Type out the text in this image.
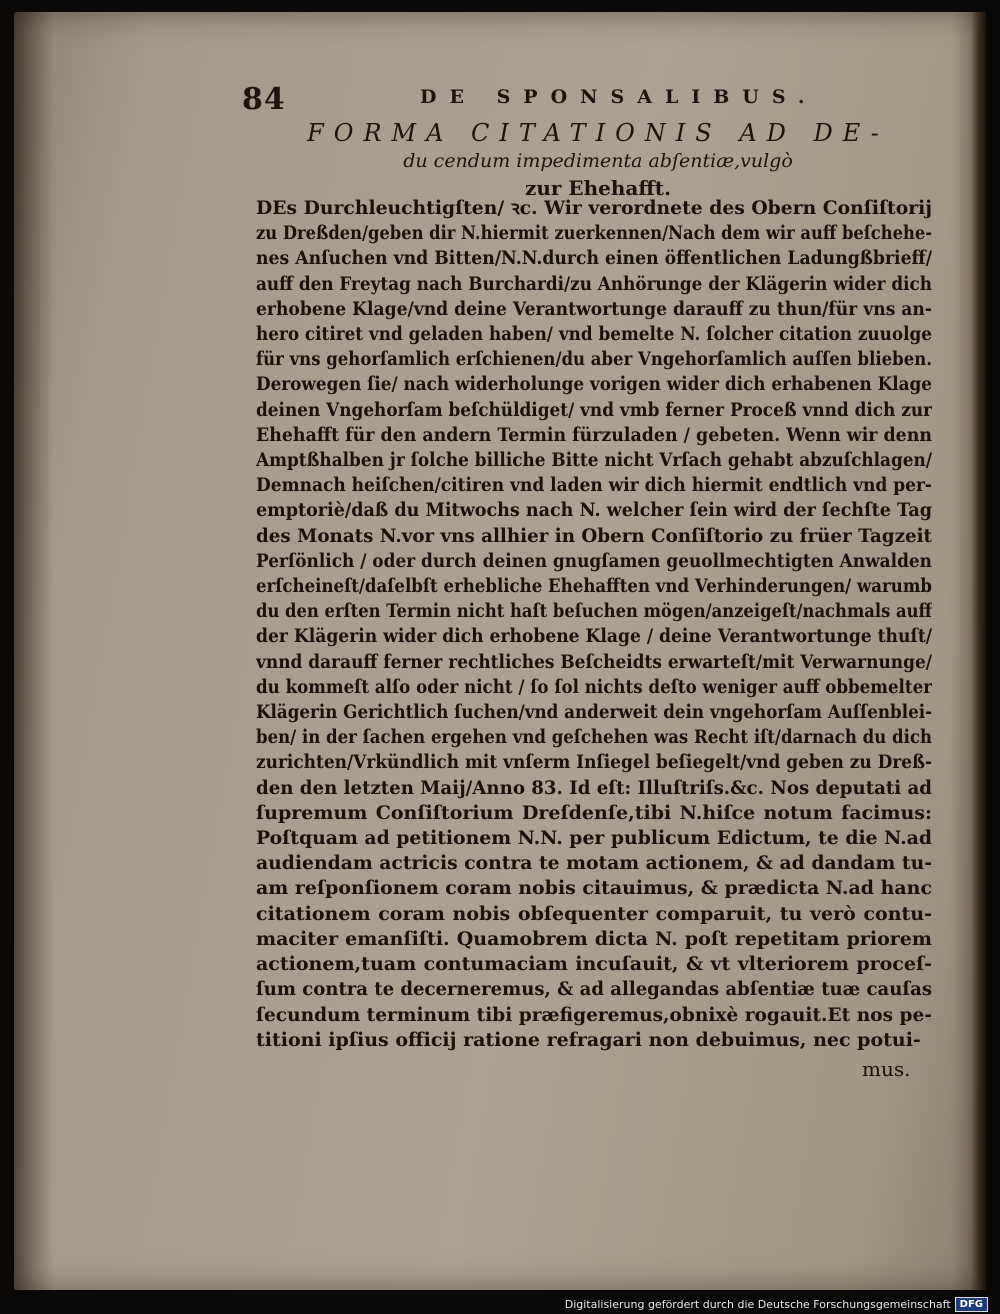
84	DE SPONSALIBUS.
FORMA CITATIONIS AD DE-
du cendum impedimenta abſentiæ,vulgò
zur Ehehafft.
DEs Durchleuchtigſten/ ꝛc. Wir verordnete des Obern Conſiſtorij
zu Dreßden/geben dir N.hiermit zuerkennen/Nach dem wir auff beſchehe-
nes Anſuchen vnd Bitten/N.N.durch einen öffentlichen Ladungßbrieff/
auff den Freytag nach Burchardi/zu Anhörunge der Klägerin wider dich
erhobene Klage/vnd deine Verantwortunge darauff zu thun/für vns an-
hero citiret vnd geladen haben/ vnd bemelte N. ſolcher citation zuuolge
für vns gehorſamlich erſchienen/du aber Vngehorſamlich auſſen blieben.
Derowegen ſie/ nach widerholunge vorigen wider dich erhabenen Klage
deinen Vngehorſam beſchüldiget/ vnd vmb ferner Proceß vnnd dich zur
Ehehafft für den andern Termin fürzuladen / gebeten. Wenn wir denn
Amptßhalben jr ſolche billiche Bitte nicht Vrſach gehabt abzuſchlagen/
Demnach heiſchen/citiren vnd laden wir dich hiermit endtlich vnd per-
emptoriè/daß du Mitwochs nach N. welcher ſein wird der ſechſte Tag
des Monats N.vor vns allhier in Obern Conſiſtorio zu früer Tagzeit
Perſönlich / oder durch deinen gnugſamen geuollmechtigten Anwalden
erſcheineſt/daſelbſt erhebliche Ehehafften vnd Verhinderungen/ warumb
du den erſten Termin nicht haſt beſuchen mögen/anzeigeſt/nachmals auff
der Klägerin wider dich erhobene Klage / deine Verantwortunge thuſt/
vnnd darauff ferner rechtliches Beſcheidts erwarteſt/mit Verwarnunge/
du kommeſt alſo oder nicht / ſo ſol nichts deſto weniger auff obbemelter
Klägerin Gerichtlich ſuchen/vnd anderweit dein vngehorſam Auſſenblei-
ben/ in der ſachen ergehen vnd geſchehen was Recht iſt/darnach du dich
zurichten/Vrkündlich mit vnſerm Inſiegel beſiegelt/vnd geben zu Dreß-
den den letzten Maij/Anno 83. Id eſt: Illuſtriſs.&c. Nos deputati ad
ſupremum Conſiſtorium Dreſdenſe,tibi N.hiſce notum facimus:
Poſtquam ad petitionem N.N. per publicum Edictum, te die N.ad
audiendam actricis contra te motam actionem, & ad dandam tu-
am reſponſionem coram nobis citauimus, & prædicta N.ad hanc
citationem coram nobis obſequenter comparuit, tu verò contu-
maciter emanſiſti. Quamobrem dicta N. poſt repetitam priorem
actionem,tuam contumaciam incuſauit, & vt vlteriorem proceſ-
ſum contra te decerneremus, & ad allegandas abſentiæ tuæ cauſas
ſecundum terminum tibi præfigeremus,obnixè rogauit.Et nos pe-
titioni ipſius officij ratione refragari non debuimus, nec potui-
mus.
Digitalisierung gefördert durch die Deutsche Forschungsgemeinschaft DFG
